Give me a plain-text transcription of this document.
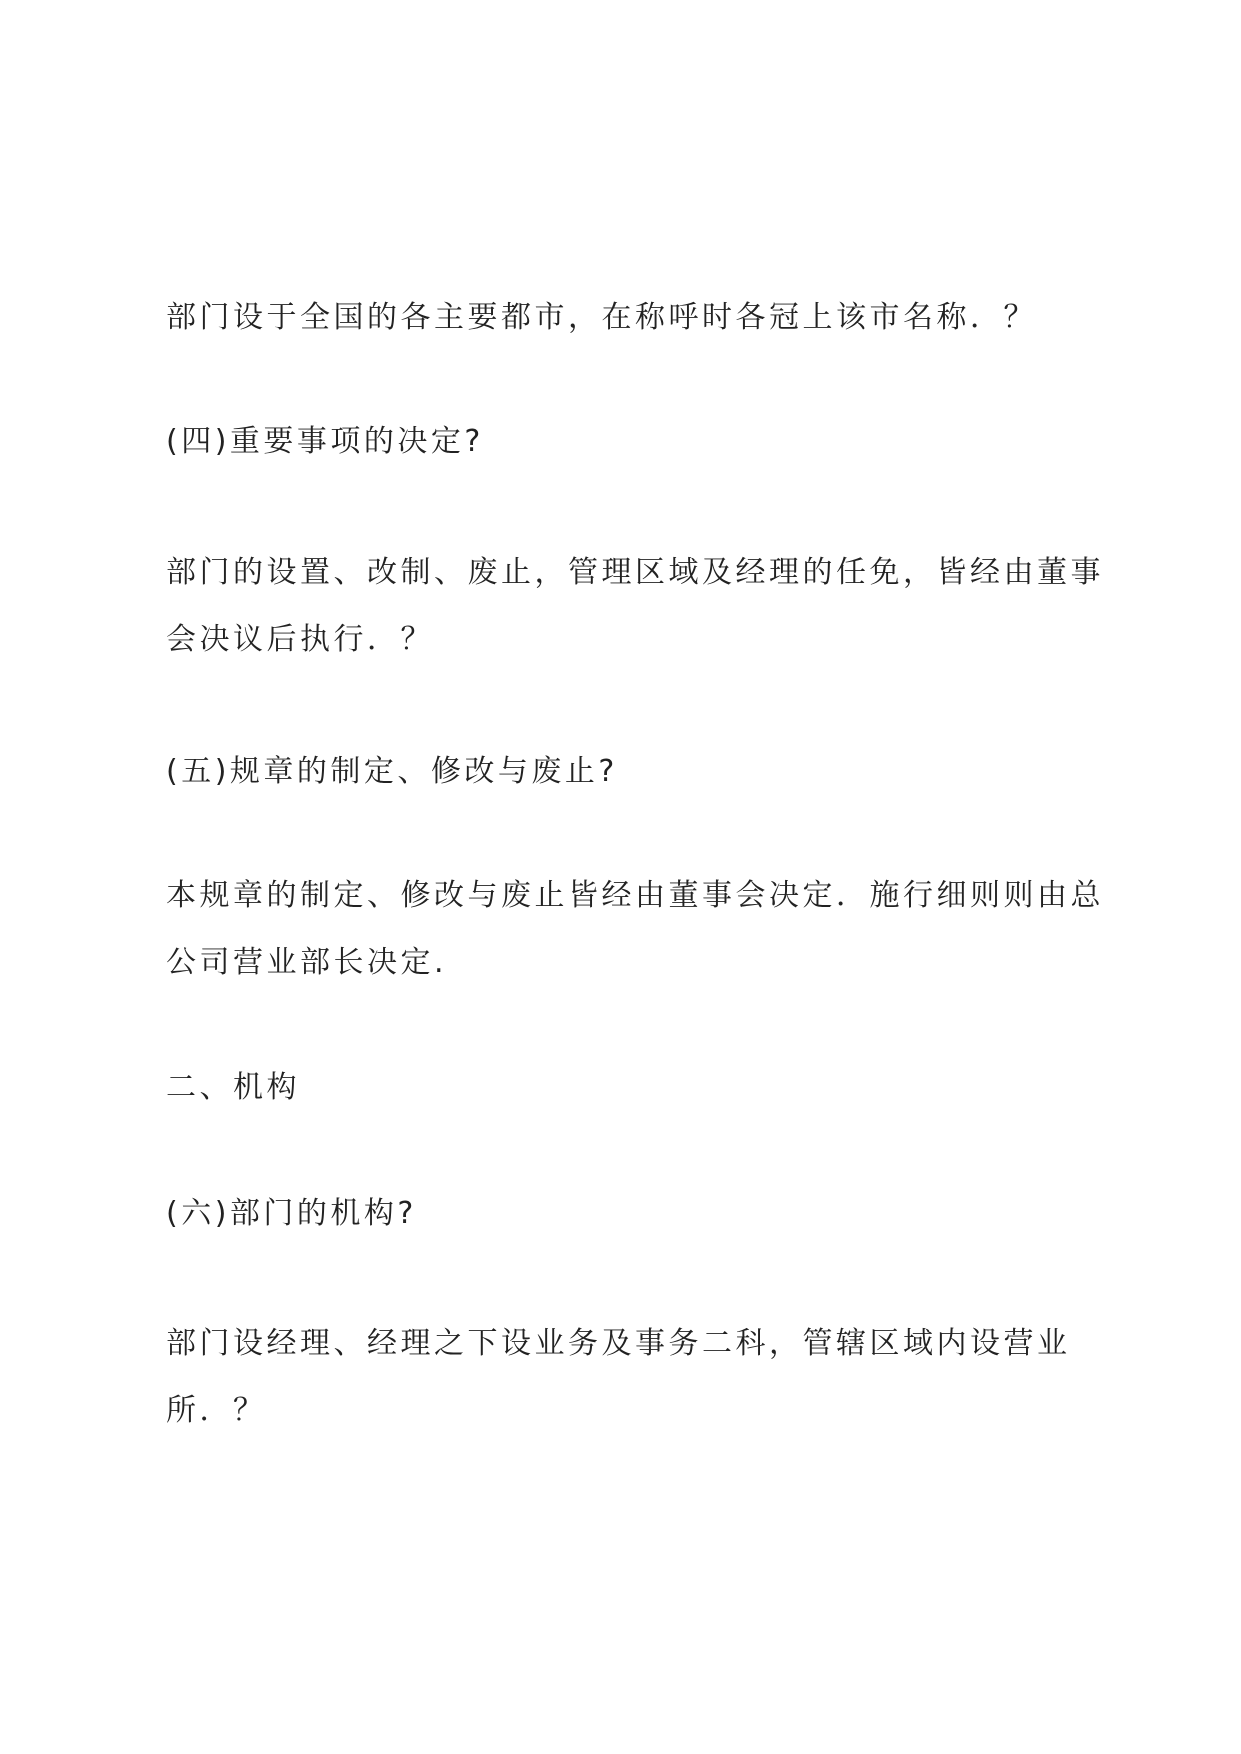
部门设于全国的各主要都市，在称呼时各冠上该市名称．？

(四)重要事项的决定?

部门的设置、改制、废止，管理区域及经理的任免，皆经由董事

会决议后执行．？

(五)规章的制定、修改与废止?

本规章的制定、修改与废止皆经由董事会决定．施行细则则由总

公司营业部长决定.

二、机构

(六)部门的机构?

部门设经理、经理之下设业务及事务二科，管辖区域内设营业

所．？
